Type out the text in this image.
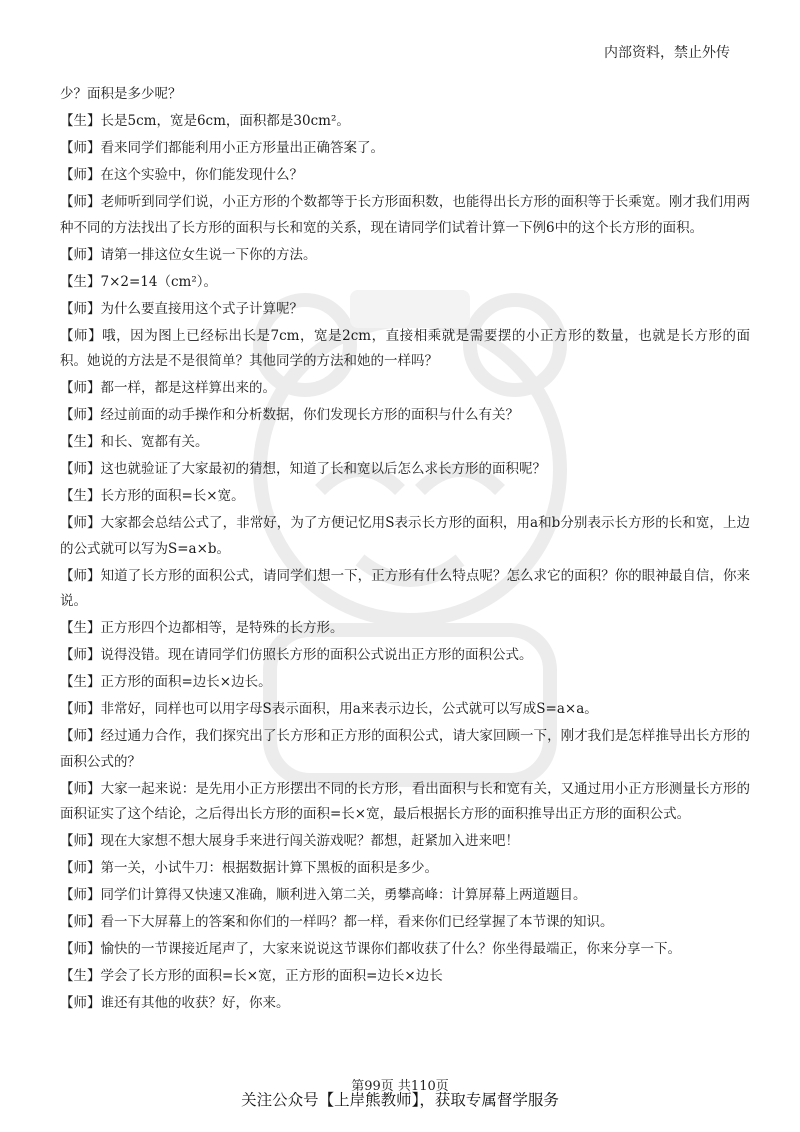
内部资料，禁止外传

少？面积是多少呢？

【生】长是5cm，宽是6cm，面积都是30cm²。

【师】看来同学们都能利用小正方形量出正确答案了。

【师】在这个实验中，你们能发现什么？

【师】老师听到同学们说，小正方形的个数都等于长方形面积数，也能得出长方形的面积等于长乘宽。刚才我们用两种不同的方法找出了长方形的面积与长和宽的关系，现在请同学们试着计算一下例6中的这个长方形的面积。

【师】请第一排这位女生说一下你的方法。

【生】7×2=14（cm²）。

【师】为什么要直接用这个式子计算呢？

【师】哦，因为图上已经标出长是7cm，宽是2cm，直接相乘就是需要摆的小正方形的数量，也就是长方形的面积。她说的方法是不是很简单？其他同学的方法和她的一样吗？

【师】都一样，都是这样算出来的。

【师】经过前面的动手操作和分析数据，你们发现长方形的面积与什么有关？

【生】和长、宽都有关。

【师】这也就验证了大家最初的猜想，知道了长和宽以后怎么求长方形的面积呢？

【生】长方形的面积=长×宽。

【师】大家都会总结公式了，非常好，为了方便记忆用S表示长方形的面积，用a和b分别表示长方形的长和宽，上边的公式就可以写为S=a×b。

【师】知道了长方形的面积公式，请同学们想一下，正方形有什么特点呢？怎么求它的面积？你的眼神最自信，你来说。

【生】正方形四个边都相等，是特殊的长方形。

【师】说得没错。现在请同学们仿照长方形的面积公式说出正方形的面积公式。

【生】正方形的面积=边长×边长。

【师】非常好，同样也可以用字母S表示面积，用a来表示边长，公式就可以写成S=a×a。

【师】经过通力合作，我们探究出了长方形和正方形的面积公式，请大家回顾一下，刚才我们是怎样推导出长方形的面积公式的？

【师】大家一起来说：是先用小正方形摆出不同的长方形，看出面积与长和宽有关，又通过用小正方形测量长方形的面积证实了这个结论，之后得出长方形的面积=长×宽，最后根据长方形的面积推导出正方形的面积公式。

【师】现在大家想不想大展身手来进行闯关游戏呢？都想，赶紧加入进来吧！

【师】第一关，小试牛刀：根据数据计算下黑板的面积是多少。

【师】同学们计算得又快速又准确，顺利进入第二关，勇攀高峰：计算屏幕上两道题目。

【师】看一下大屏幕上的答案和你们的一样吗？都一样，看来你们已经掌握了本节课的知识。

【师】愉快的一节课接近尾声了，大家来说说这节课你们都收获了什么？你坐得最端正，你来分享一下。

【生】学会了长方形的面积=长×宽，正方形的面积=边长×边长

【师】谁还有其他的收获？好，你来。

第99页 共110页
关注公众号【上岸熊教师】，获取专属督学服务
